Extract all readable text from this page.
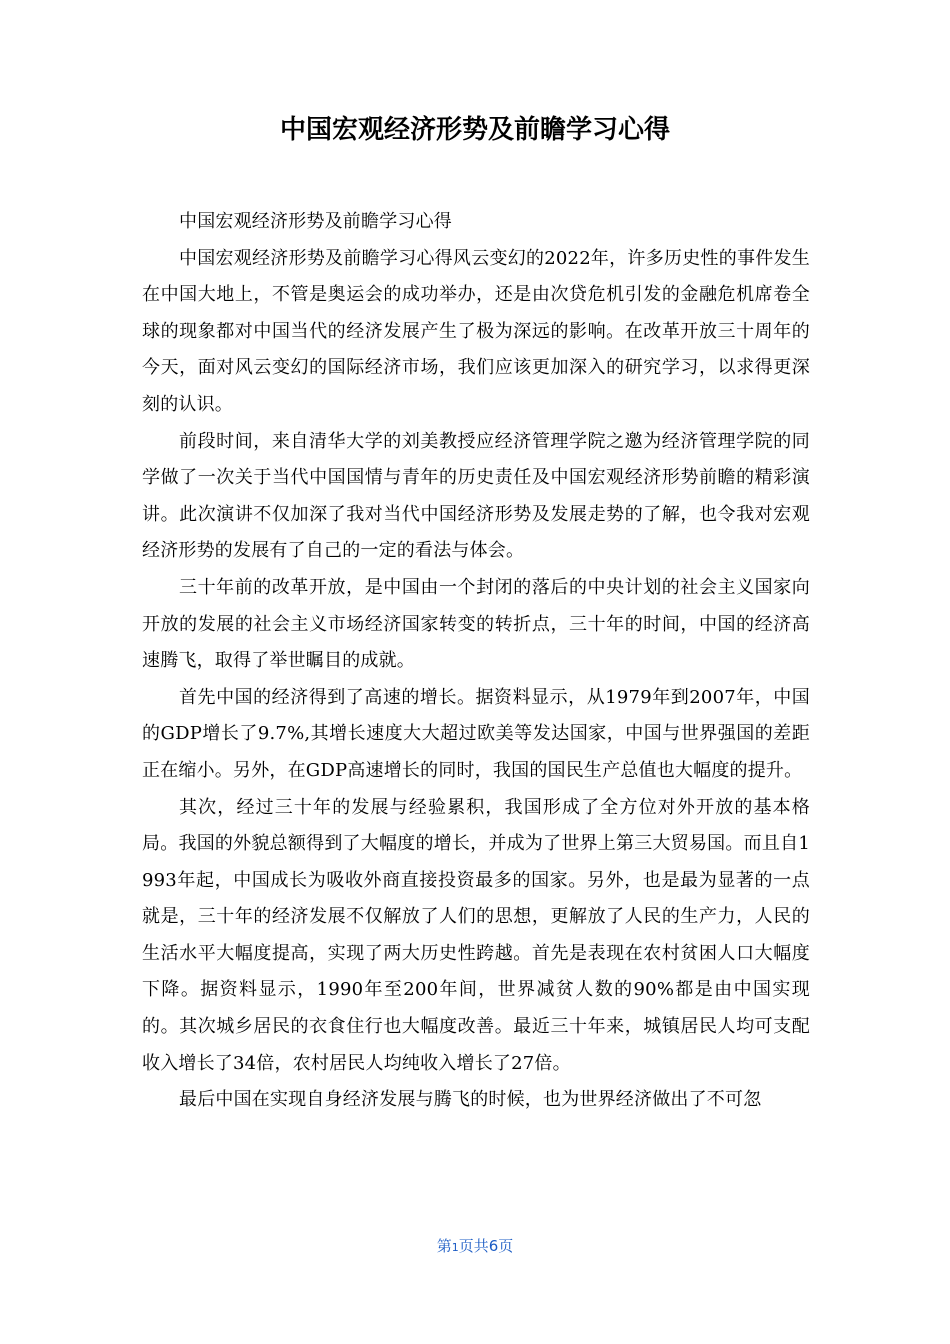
中国宏观经济形势及前瞻学习心得

中国宏观经济形势及前瞻学习心得

中国宏观经济形势及前瞻学习心得风云变幻的2022年，许多历史性的事件发生在中国大地上，不管是奥运会的成功举办，还是由次贷危机引发的金融危机席卷全球的现象都对中国当代的经济发展产生了极为深远的影响。在改革开放三十周年的今天，面对风云变幻的国际经济市场，我们应该更加深入的研究学习，以求得更深刻的认识。

前段时间，来自清华大学的刘美教授应经济管理学院之邀为经济管理学院的同学做了一次关于当代中国国情与青年的历史责任及中国宏观经济形势前瞻的精彩演讲。此次演讲不仅加深了我对当代中国经济形势及发展走势的了解，也令我对宏观经济形势的发展有了自己的一定的看法与体会。

三十年前的改革开放，是中国由一个封闭的落后的中央计划的社会主义国家向开放的发展的社会主义市场经济国家转变的转折点，三十年的时间，中国的经济高速腾飞，取得了举世瞩目的成就。

首先中国的经济得到了高速的增长。据资料显示，从1979年到2007年，中国的GDP增长了9.7%,其增长速度大大超过欧美等发达国家，中国与世界强国的差距正在缩小。另外，在GDP高速增长的同时，我国的国民生产总值也大幅度的提升。

其次，经过三十年的发展与经验累积，我国形成了全方位对外开放的基本格局。我国的外貌总额得到了大幅度的增长，并成为了世界上第三大贸易国。而且自1993年起，中国成长为吸收外商直接投资最多的国家。另外，也是最为显著的一点就是，三十年的经济发展不仅解放了人们的思想，更解放了人民的生产力，人民的生活水平大幅度提高，实现了两大历史性跨越。首先是表现在农村贫困人口大幅度下降。据资料显示，1990年至200年间，世界减贫人数的90%都是由中国实现的。其次城乡居民的衣食住行也大幅度改善。最近三十年来，城镇居民人均可支配收入增长了34倍，农村居民人均纯收入增长了27倍。

最后中国在实现自身经济发展与腾飞的时候，也为世界经济做出了不可忽

第1页共6页
